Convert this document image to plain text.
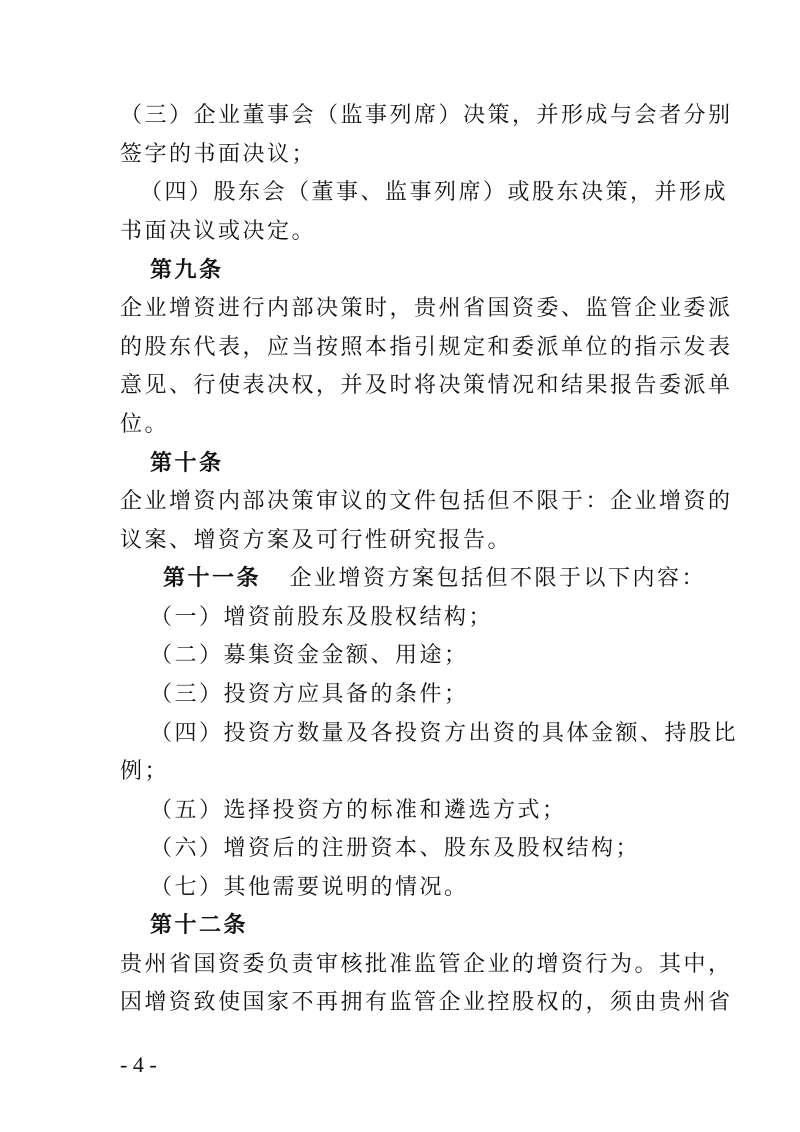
（三）企业董事会（监事列席）决策，并形成与会者分别
签字的书面决议；
（四）股东会（董事、监事列席）或股东决策，并形成
书面决议或决定。
第九条
企业增资进行内部决策时，贵州省国资委、监管企业委派
的股东代表，应当按照本指引规定和委派单位的指示发表
意见、行使表决权，并及时将决策情况和结果报告委派单
位。
第十条
企业增资内部决策审议的文件包括但不限于：企业增资的
议案、增资方案及可行性研究报告。
第十一条 企业增资方案包括但不限于以下内容：
（一）增资前股东及股权结构；
（二）募集资金金额、用途；
（三）投资方应具备的条件；
（四）投资方数量及各投资方出资的具体金额、持股比
例；
（五）选择投资方的标准和遴选方式；
（六）增资后的注册资本、股东及股权结构；
（七）其他需要说明的情况。
第十二条
贵州省国资委负责审核批准监管企业的增资行为。其中，
因增资致使国家不再拥有监管企业控股权的，须由贵州省
- 4 -
